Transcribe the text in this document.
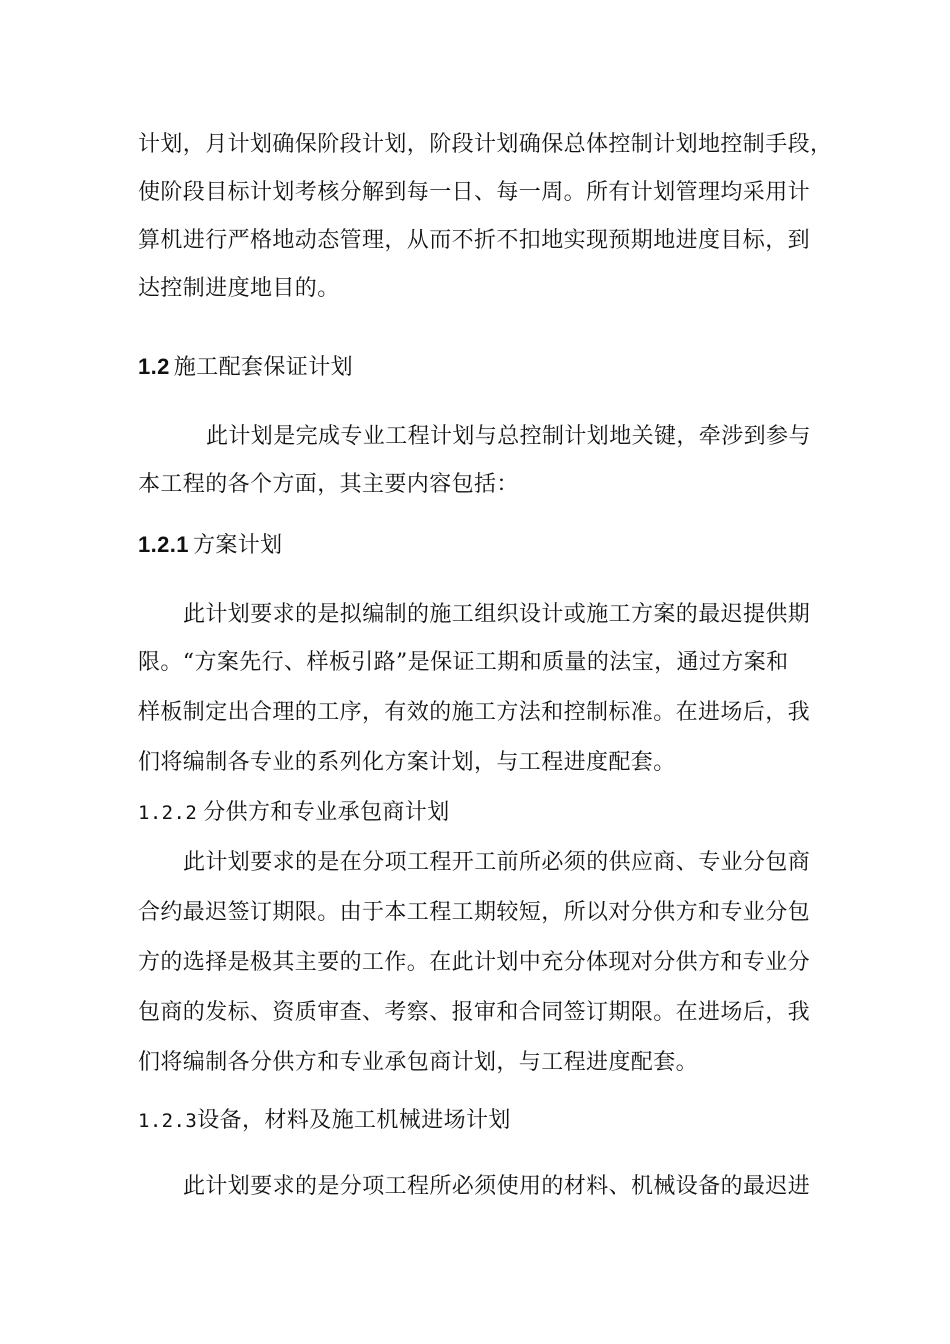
计划，月计划确保阶段计划，阶段计划确保总体控制计划地控制手段，
使阶段目标计划考核分解到每一日、每一周。所有计划管理均采用计
算机进行严格地动态管理，从而不折不扣地实现预期地进度目标，到
达控制进度地目的。
1.2 施工配套保证计划
此计划是完成专业工程计划与总控制计划地关键，牵涉到参与
本工程的各个方面，其主要内容包括：
1.2.1 方案计划
此计划要求的是拟编制的施工组织设计或施工方案的最迟提供期
限。“方案先行、样板引路”是保证工期和质量的法宝，通过方案和
样板制定出合理的工序，有效的施工方法和控制标准。在进场后，我
们将编制各专业的系列化方案计划，与工程进度配套。
1.2.2 分供方和专业承包商计划
此计划要求的是在分项工程开工前所必须的供应商、专业分包商
合约最迟签订期限。由于本工程工期较短，所以对分供方和专业分包
方的选择是极其主要的工作。在此计划中充分体现对分供方和专业分
包商的发标、资质审查、考察、报审和合同签订期限。在进场后，我
们将编制各分供方和专业承包商计划，与工程进度配套。
1.2.3设备，材料及施工机械进场计划
此计划要求的是分项工程所必须使用的材料、机械设备的最迟进
